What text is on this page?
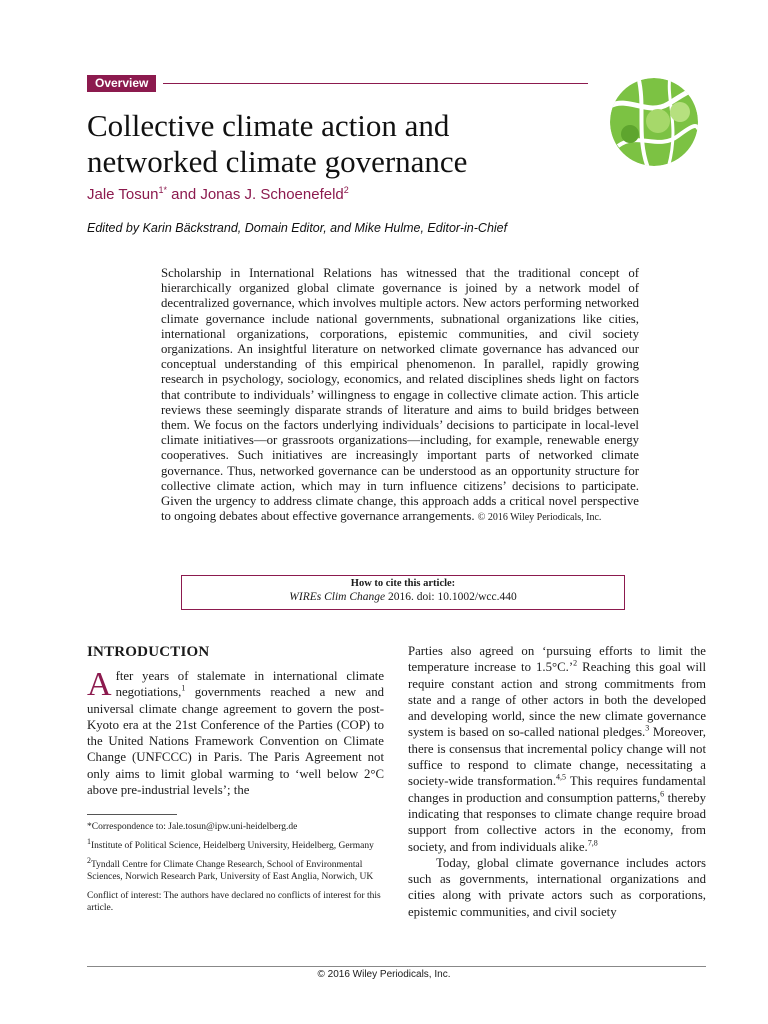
Overview
Collective climate action and
networked climate governance
Jale Tosun$^{1*}$ and Jonas J. Schoenefeld$^2$
Edited by Karin Bäckstrand, Domain Editor, and Mike Hulme, Editor-in-Chief
Scholarship in International Relations has witnessed that the traditional concept of hierarchically organized global climate governance is joined by a network model of decentralized governance, which involves multiple actors. New actors performing networked climate governance include national governments, subnational organizations like cities, international organizations, corporations, epistemic communities, and civil society organizations. An insightful literature on networked climate governance has advanced our conceptual understanding of this empirical phenomenon. In parallel, rapidly growing research in psychology, sociology, economics, and related disciplines sheds light on factors that contribute to individuals’ willingness to engage in collective climate action. This article reviews these seemingly disparate strands of literature and aims to build bridges between them. We focus on the factors underlying individuals’ decisions to participate in local-level climate initiatives—or grassroots organizations—including, for example, renewable energy cooperatives. Such initiatives are increasingly important parts of networked climate governance. Thus, networked governance can be understood as an opportunity structure for collective climate action, which may in turn influence citizens’ decisions to participate. Given the urgency to address climate change, this approach adds a critical novel perspective to ongoing debates about effective governance arrangements. © 2016 Wiley Periodicals, Inc.
How to cite this article:
WIREs Clim Change 2016. doi: 10.1002/wcc.440
INTRODUCTION

After years of stalemate in international climate negotiations,$^1$ governments reached a new and universal climate change agreement to govern the post-Kyoto era at the 21st Conference of the Parties (COP) to the United Nations Framework Convention on Climate Change (UNFCCC) in Paris. The Paris Agreement not only aims to limit global warming to ‘well below 2°C above pre-industrial levels’; the

*Correspondence to: Jale.tosun@ipw.uni-heidelberg.de

$^1$Institute of Political Science, Heidelberg University, Heidelberg, Germany

$^2$Tyndall Centre for Climate Change Research, School of Environmental Sciences, Norwich Research Park, University of East Anglia, Norwich, UK

Conflict of interest: The authors have declared no conflicts of interest for this article.

Parties also agreed on ‘pursuing efforts to limit the temperature increase to 1.5°C.’$^2$ Reaching this goal will require constant action and strong commitments from state and a range of other actors in both the developed and developing world, since the new climate governance system is based on so-called national pledges.$^3$ Moreover, there is consensus that incremental policy change will not suffice to respond to climate change, necessitating a society-wide transformation.$^{4,5}$ This requires fundamental changes in production and consumption patterns,$^6$ thereby indicating that responses to climate change require broad support from collective actors in the economy, from society, and from individuals alike.$^{7,8}$

Today, global climate governance includes actors such as governments, international organizations and cities along with private actors such as corporations, epistemic communities, and civil society

© 2016 Wiley Periodicals, Inc.
